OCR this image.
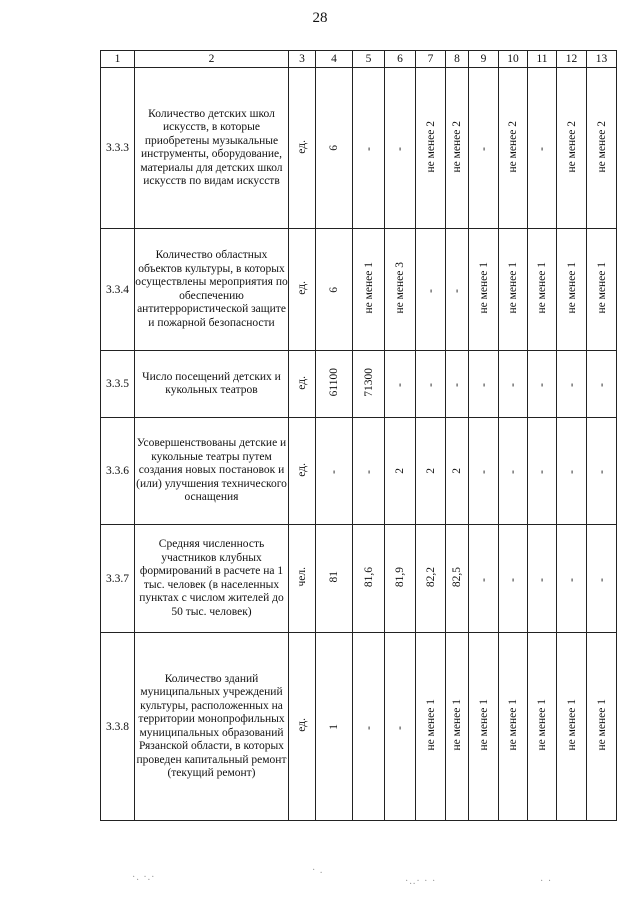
28
1	2	3	4	5	6	7	8	9	10	11	12	13
3.3.3	Количество детских школ искусств, в которые приобретены музыкальные инструменты, оборудование, материалы для детских школ искусств по видам искусств	ед.	6	-	-	не менее 2	не менее 2	-	не менее 2	-	не менее 2	не менее 2
3.3.4	Количество областных объектов культуры, в которых осуществлены мероприятия по обеспечению антитеррористической защите и пожарной безопасности	ед.	6	не менее 1	не менее 3	-	-	не менее 1	не менее 1	не менее 1	не менее 1	не менее 1
3.3.5	Число посещений детских и кукольных театров	ед.	61100	71300	-	-	-	-	-	-	-	-
3.3.6	Усовершенствованы детские и кукольные театры путем создания новых постановок и (или) улучшения технического оснащения	ед.	-	-	2	2	2	-	-	-	-	-
3.3.7	Средняя численность участников клубных формирований в расчете на 1 тыс. человек (в населенных пунктах с числом жителей до 50 тыс. человек)	чел.	81	81,6	81,9	82,2	82,5	-	-	-	-	-
3.3.8	Количество зданий муниципальных учреждений культуры, расположенных на территории монопрофильных муниципальных образований Рязанской области, в которых проведен капитальный ремонт (текущий ремонт)	ед.	1	-	-	не менее 1	не менее 1	не менее 1	не менее 1	не менее 1	не менее 1	не менее 1
·. ·.·
· .
·..· · ·	· ·
